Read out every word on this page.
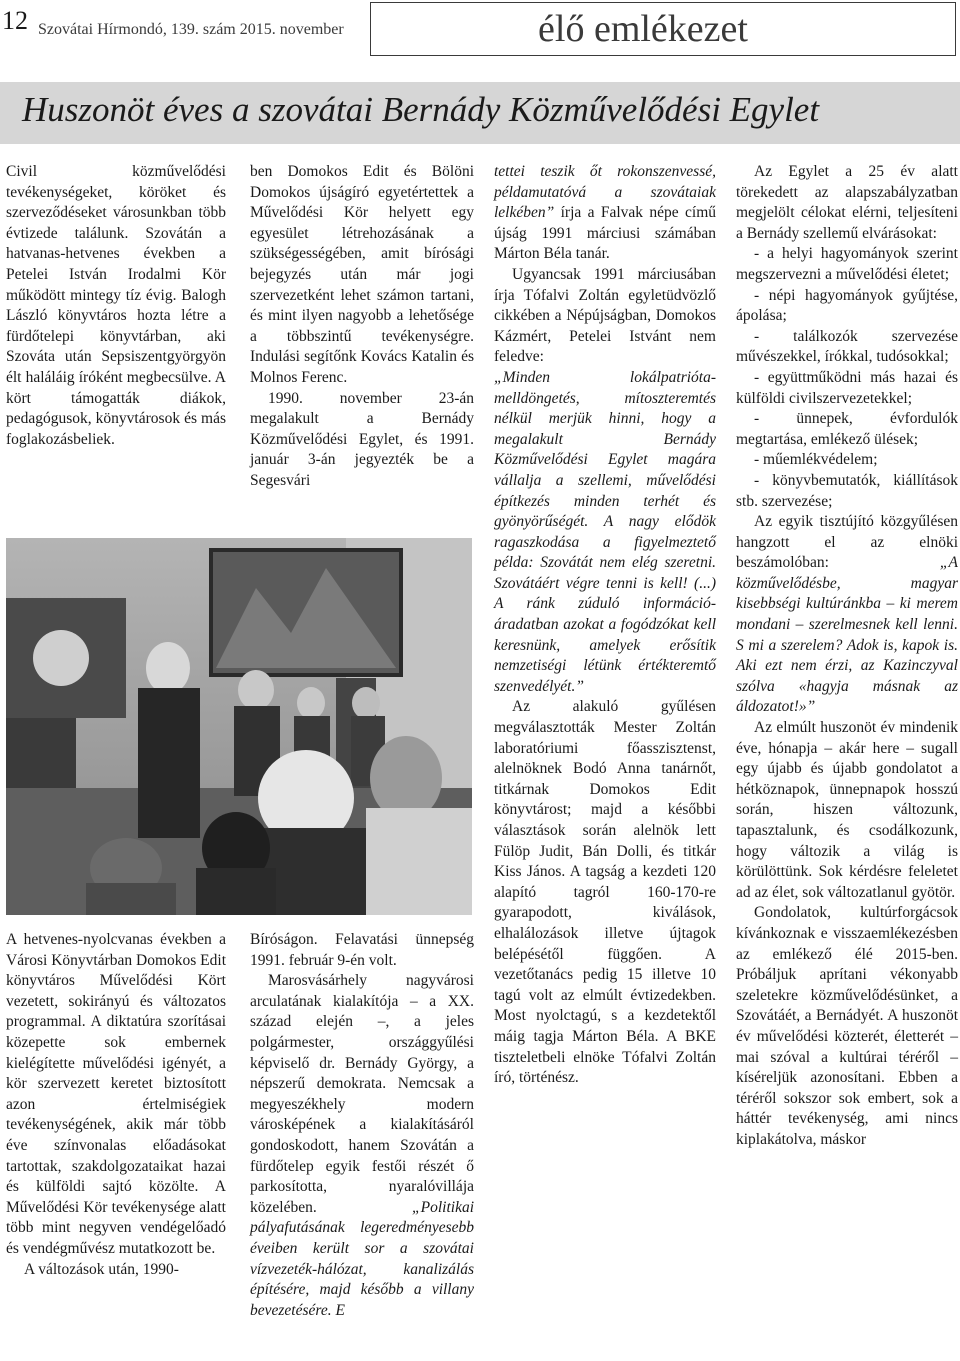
12 Szovátai Hírmondó, 139. szám 2015. november	élő emlékezet
Huszonöt éves a szovátai Bernády Közművelődési Egylet

Civil közművelődési tevékenységeket, köröket és szerveződéseket városunkban több évtizede találunk. Szovátán a hatvanas-hetvenes években a Petelei István Irodalmi Kör működött mintegy tíz évig. Balogh László könyvtáros hozta létre a fürdőtelepi könyvtárban, aki Szováta után Sepsiszentgyörgyön élt haláláig íróként megbecsülve. A kört támogatták diákok, pedagógusok, könyvtárosok és más foglakozásbeliek.

A hetvenes-nyolcvanas években a Városi Könyvtárban Domokos Edit könyvtáros Művelődési Kört vezetett, sokirányú és változatos programmal. A diktatúra szorításai közepette sok embernek kielégítette művelődési igényét, a kör szervezett keretet biztosított azon értelmiségiek tevékenységének, akik már több éve színvonalas előadásokat tartottak, szakdolgozataikat hazai és külföldi sajtó közölte. A Művelődési Kör tevékenysége alatt több mint negyven vendégelőadó és vendégművész mutatkozott be.

A változások után, 1990-

ben Domokos Edit és Bölöni Domokos újságíró egyetértettek a Művelődési Kör helyett egy egyesület létrehozásának a szükségességében, amit bírósági bejegyzés után már jogi szervezetként lehet számon tartani, és mint ilyen nagyobb a lehetősége a többszintű tevékenységre. Indulási segítőnk Kovács Katalin és Molnos Ferenc.

1990. november 23-án megalakult a Bernády Közművelődési Egylet, és 1991. január 3-án jegyezték be a Segesvári

Bíróságon. Felavatási ünnepség 1991. február 9-én volt.

Marosvásárhely nagyvárosi arculatának kialakítója – a XX. század elején –, a jeles polgármester, országgyűlési képviselő dr. Bernády György, a népszerű demokrata. Nemcsak a megyeszékhely modern városképének a kialakításáról gondoskodott, hanem Szovátán a fürdőtelep egyik festői részét ő parkosította, nyaralóvillája közelében.	„Politikai pályafutásának legeredményesebb éveiben került sor a szovátai vízvezeték-hálózat, kanalizálás építésére, majd később a villany bevezetésére. E

tettei teszik őt rokonszenvessé, példamutatóvá a szovátaiak lelkében” írja a Falvak népe című újság 1991 márciusi számában Márton Béla tanár.

Ugyancsak 1991 márciusában írja Tófalvi Zoltán egyletüdvözlő cikkében a Népújságban, Domokos Kázmért, Petelei Istvánt nem feledve:

„Minden lokálpatrióta-melldöngetés, mítoszteremtés nélkül merjük hinni, hogy a megalakult Bernády Közművelődési Egylet magára vállalja a szellemi, művelődési építkezés minden terhét és gyönyörűségét. A nagy elődök ragaszkodása a figyelmeztető példa: Szovátát nem elég szeretni. Szovátáért végre tenni is kell! (...) A ránk zúduló információ-áradatban azokat a fogódzókat kell keresnünk, amelyek erősítik nemzetiségi létünk értékteremtő szenvedélyét.”

Az alakuló gyűlésen megválasztották Mester Zoltán laboratóriumi főasszisztenst, alelnöknek Bodó Anna tanárnőt, titkárnak Domokos Edit könyvtárost; majd a későbbi választások során alelnök lett Fülöp Judit, Bán Dolli, és titkár Kiss János. A tagság a kezdeti 120 alapító tagról 160-170-re gyarapodott, kiválások, elhalálozások illetve újtagok belépésétől függően. A vezetőtanács pedig 15 illetve 10 tagú volt az elmúlt évtizedekben. Most nyolctagú, s a kezdetektől máig tagja Márton Béla. A BKE tiszteletbeli elnöke Tófalvi Zoltán író, történész.

Az Egylet a 25 év alatt törekedett az alapszabályzatban megjelölt célokat elérni, teljesíteni a Bernády szellemű elvárásokat:

- a helyi hagyományok szerint megszervezni a művelődési életet;

- népi hagyományok gyűjtése, ápolása;

- találkozók szervezése művészekkel, írókkal, tudósokkal;

- együttműködni más hazai és külföldi civilszervezetekkel;

- ünnepek, évfordulók megtartása, emlékező ülések;

- műemlékvédelem;

- könyvbemutatók, kiállítások stb. szervezése;

Az egyik tisztújító közgyűlésen hangzott el az elnöki beszámolóban:	„A közművelődésbe, magyar kisebbségi kultúránkba – ki merem mondani – szerelmesnek kell lenni. S mi a szerelem? Adok is, kapok is. Aki ezt nem érzi, az Kazinczyval szólva «hagyja másnak az áldozatot!»”

Az elmúlt huszonöt év mindenik éve, hónapja – akár here – sugall egy újabb és újabb gondolatot a hétköznapok, ünnepnapok hosszú során, hiszen változunk, tapasztalunk, és csodálkozunk, hogy változik a világ is körülöttünk. Sok kérdésre feleletet ad az élet, sok változatlanul gyötör.

Gondolatok, kultúrforgácsok kívánkoznak e visszaemlékezésben az emlékező élé 2015-ben. Próbáljuk aprítani vékonyabb szeletekre közművelődésünket, a Szovátáét, a Bernádyét. A huszonöt év művelődési közterét, életterét – mai szóval a kultúrai téréről – kíséreljük azonosítani. Ebben a téréről sokszor sok embert, sok a háttér tevékenység, ami nincs kiplakátolva, máskor
